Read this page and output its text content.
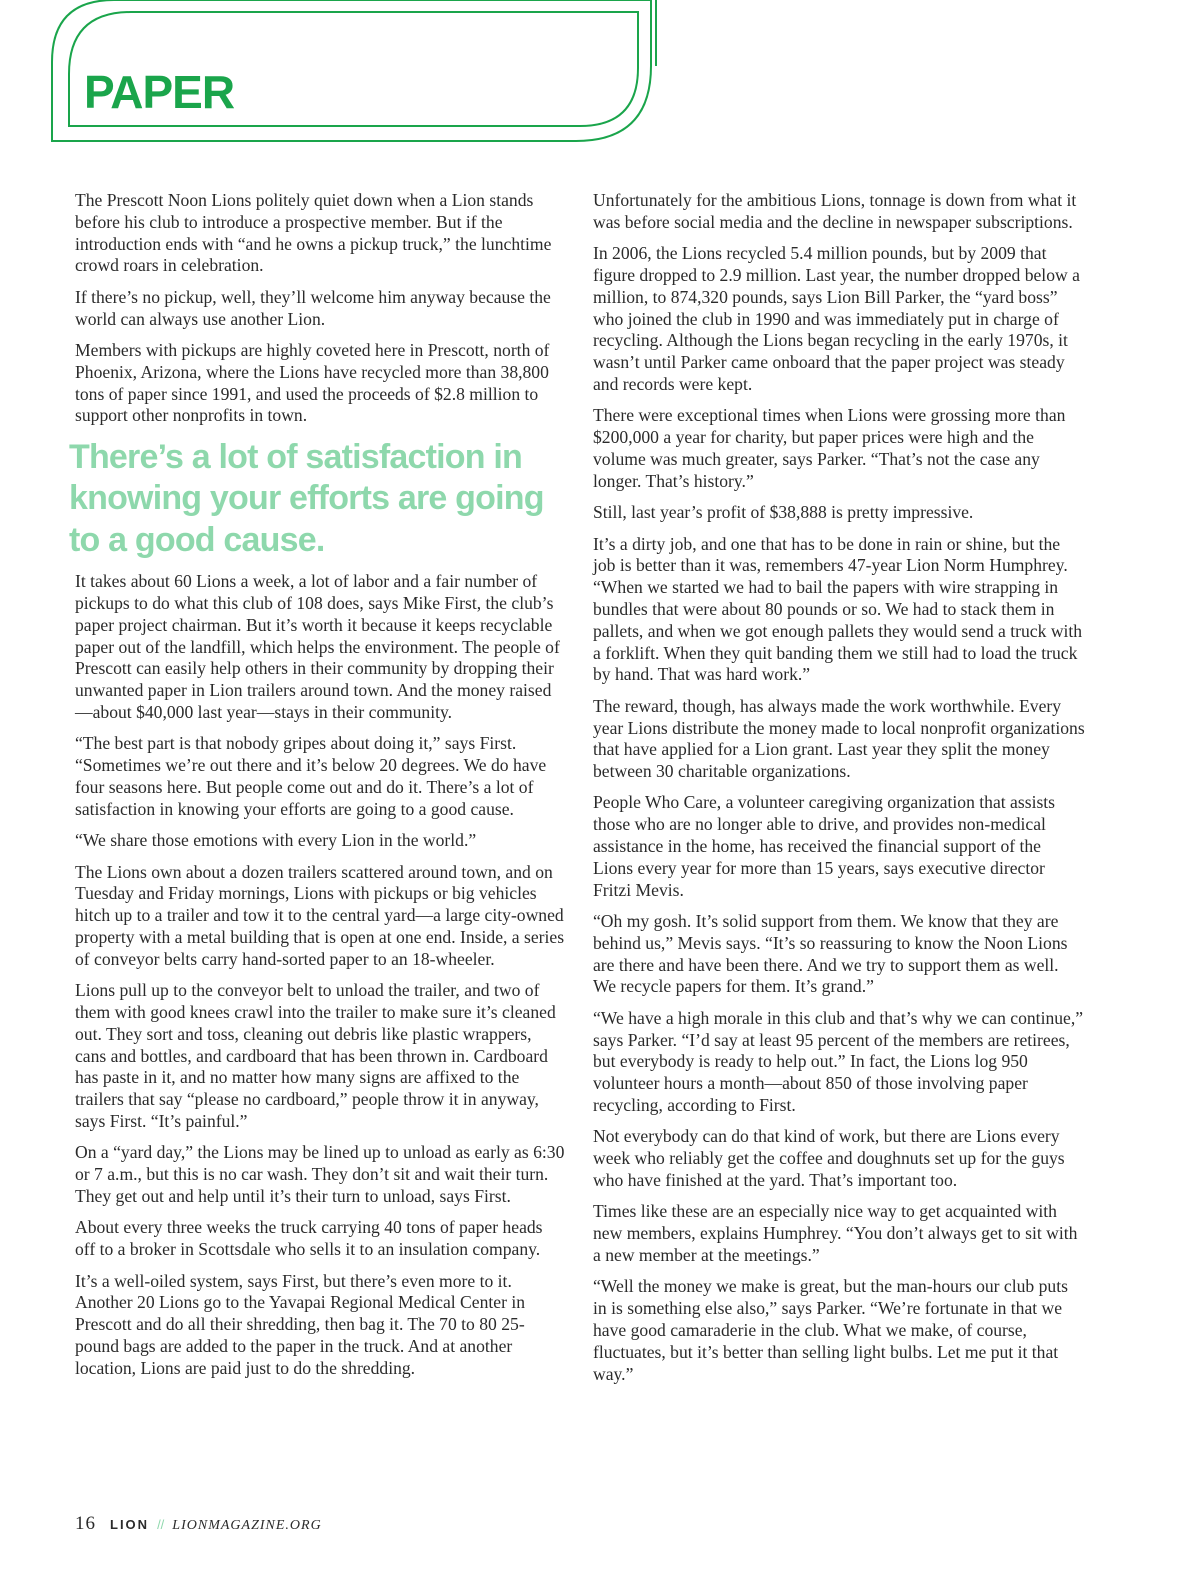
PAPER

The Prescott Noon Lions politely quiet down when a Lion stands before his club to introduce a prospective member. But if the introduction ends with “and he owns a pickup truck,” the lunchtime crowd roars in celebration.

If there’s no pickup, well, they’ll welcome him anyway because the world can always use another Lion.

Members with pickups are highly coveted here in Prescott, north of Phoenix, Arizona, where the Lions have recycled more than 38,800 tons of paper since 1991, and used the proceeds of $2.8 million to support other nonprofits in town.

There’s a lot of satisfaction in knowing your efforts are going to a good cause.

It takes about 60 Lions a week, a lot of labor and a fair number of pickups to do what this club of 108 does, says Mike First, the club’s paper project chairman. But it’s worth it because it keeps recyclable paper out of the landfill, which helps the environment. The people of Prescott can easily help others in their community by dropping their unwanted paper in Lion trailers around town. And the money raised—about $40,000 last year—stays in their community.

“The best part is that nobody gripes about doing it,” says First. “Sometimes we’re out there and it’s below 20 degrees. We do have four seasons here. But people come out and do it. There’s a lot of satisfaction in knowing your efforts are going to a good cause.

“We share those emotions with every Lion in the world.”

The Lions own about a dozen trailers scattered around town, and on Tuesday and Friday mornings, Lions with pickups or big vehicles hitch up to a trailer and tow it to the central yard—a large city-owned property with a metal building that is open at one end. Inside, a series of conveyor belts carry hand-sorted paper to an 18-wheeler.

Lions pull up to the conveyor belt to unload the trailer, and two of them with good knees crawl into the trailer to make sure it’s cleaned out. They sort and toss, cleaning out debris like plastic wrappers, cans and bottles, and cardboard that has been thrown in. Cardboard has paste in it, and no matter how many signs are affixed to the trailers that say “please no cardboard,” people throw it in anyway, says First. “It’s painful.”

On a “yard day,” the Lions may be lined up to unload as early as 6:30 or 7 a.m., but this is no car wash. They don’t sit and wait their turn. They get out and help until it’s their turn to unload, says First.

About every three weeks the truck carrying 40 tons of paper heads off to a broker in Scottsdale who sells it to an insulation company.

It’s a well-oiled system, says First, but there’s even more to it. Another 20 Lions go to the Yavapai Regional Medical Center in Prescott and do all their shredding, then bag it. The 70 to 80 25-pound bags are added to the paper in the truck. And at another location, Lions are paid just to do the shredding.

Unfortunately for the ambitious Lions, tonnage is down from what it was before social media and the decline in newspaper subscriptions.

In 2006, the Lions recycled 5.4 million pounds, but by 2009 that figure dropped to 2.9 million. Last year, the number dropped below a million, to 874,320 pounds, says Lion Bill Parker, the “yard boss” who joined the club in 1990 and was immediately put in charge of recycling. Although the Lions began recycling in the early 1970s, it wasn’t until Parker came onboard that the paper project was steady and records were kept.

There were exceptional times when Lions were grossing more than $200,000 a year for charity, but paper prices were high and the volume was much greater, says Parker. “That’s not the case any longer. That’s history.”

Still, last year’s profit of $38,888 is pretty impressive.

It’s a dirty job, and one that has to be done in rain or shine, but the job is better than it was, remembers 47-year Lion Norm Humphrey. “When we started we had to bail the papers with wire strapping in bundles that were about 80 pounds or so. We had to stack them in pallets, and when we got enough pallets they would send a truck with a forklift. When they quit banding them we still had to load the truck by hand. That was hard work.”

The reward, though, has always made the work worthwhile. Every year Lions distribute the money made to local nonprofit organizations that have applied for a Lion grant. Last year they split the money between 30 charitable organizations.

People Who Care, a volunteer caregiving organization that assists those who are no longer able to drive, and provides non-medical assistance in the home, has received the financial support of the Lions every year for more than 15 years, says executive director Fritzi Mevis.

“Oh my gosh. It’s solid support from them. We know that they are behind us,” Mevis says. “It’s so reassuring to know the Noon Lions are there and have been there. And we try to support them as well. We recycle papers for them. It’s grand.”

“We have a high morale in this club and that’s why we can continue,” says Parker. “I’d say at least 95 percent of the members are retirees, but everybody is ready to help out.” In fact, the Lions log 950 volunteer hours a month—about 850 of those involving paper recycling, according to First.

Not everybody can do that kind of work, but there are Lions every week who reliably get the coffee and doughnuts set up for the guys who have finished at the yard. That’s important too.

Times like these are an especially nice way to get acquainted with new members, explains Humphrey. “You don’t always get to sit with a new member at the meetings.”

“Well the money we make is great, but the man-hours our club puts in is something else also,” says Parker. “We’re fortunate in that we have good camaraderie in the club. What we make, of course, fluctuates, but it’s better than selling light bulbs. Let me put it that way.”

16 LION // LIONMAGAZINE.ORG
